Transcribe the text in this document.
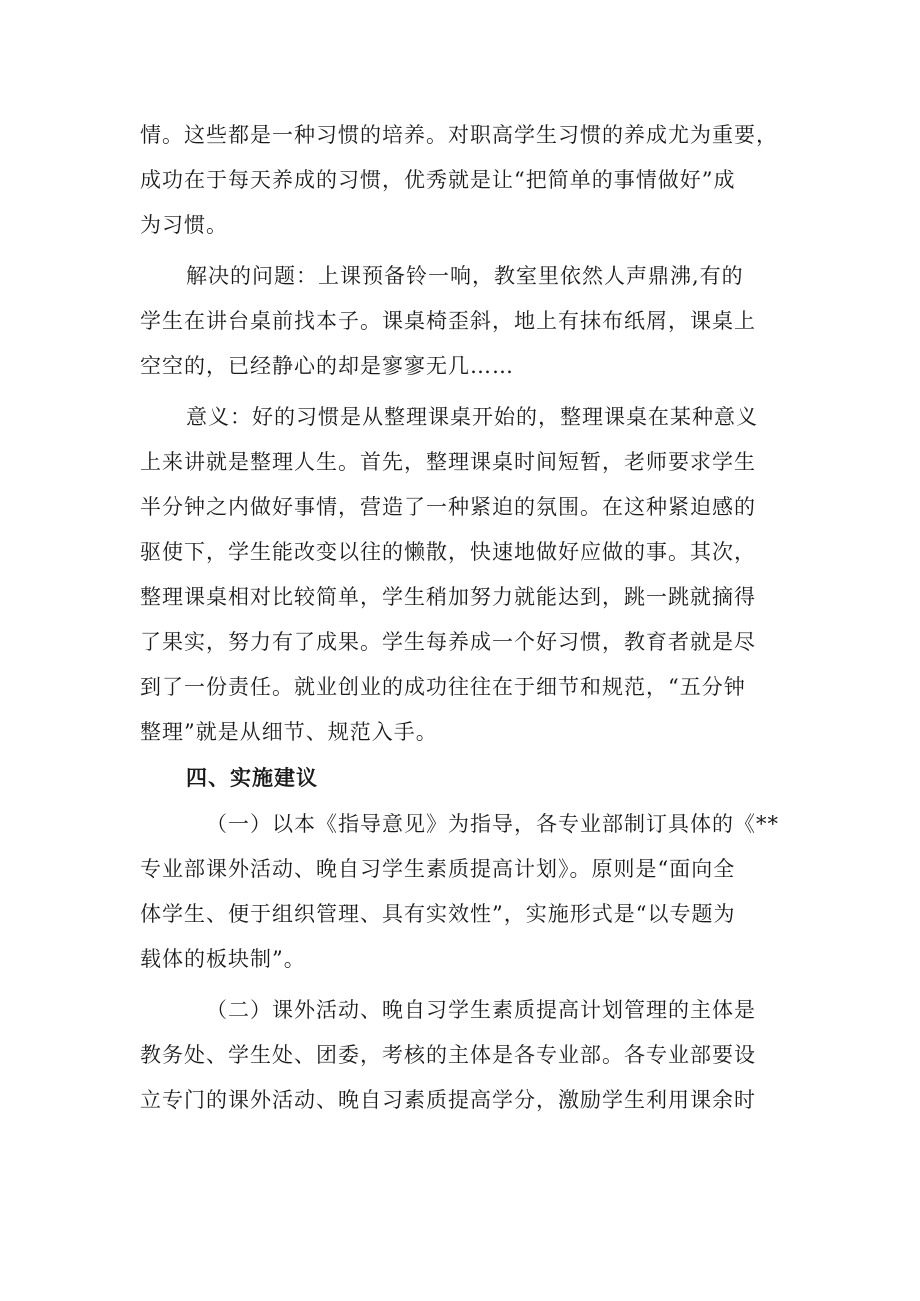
情。这些都是一种习惯的培养。对职高学生习惯的养成尤为重要，
成功在于每天养成的习惯，优秀就是让“把简单的事情做好”成
为习惯。
解决的问题：上课预备铃一响，教室里依然人声鼎沸,有的
学生在讲台桌前找本子。课桌椅歪斜，地上有抹布纸屑，课桌上
空空的，已经静心的却是寥寥无几……
意义：好的习惯是从整理课桌开始的，整理课桌在某种意义
上来讲就是整理人生。首先，整理课桌时间短暂，老师要求学生
半分钟之内做好事情，营造了一种紧迫的氛围。在这种紧迫感的
驱使下，学生能改变以往的懒散，快速地做好应做的事。其次，
整理课桌相对比较简单，学生稍加努力就能达到，跳一跳就摘得
了果实，努力有了成果。学生每养成一个好习惯，教育者就是尽
到了一份责任。就业创业的成功往往在于细节和规范，“五分钟
整理”就是从细节、规范入手。
四、实施建议
（一）以本《指导意见》为指导，各专业部制订具体的《**
专业部课外活动、晚自习学生素质提高计划》。原则是“面向全
体学生、便于组织管理、具有实效性”，实施形式是“以专题为
载体的板块制”。
（二）课外活动、晚自习学生素质提高计划管理的主体是
教务处、学生处、团委，考核的主体是各专业部。各专业部要设
立专门的课外活动、晚自习素质提高学分，激励学生利用课余时
